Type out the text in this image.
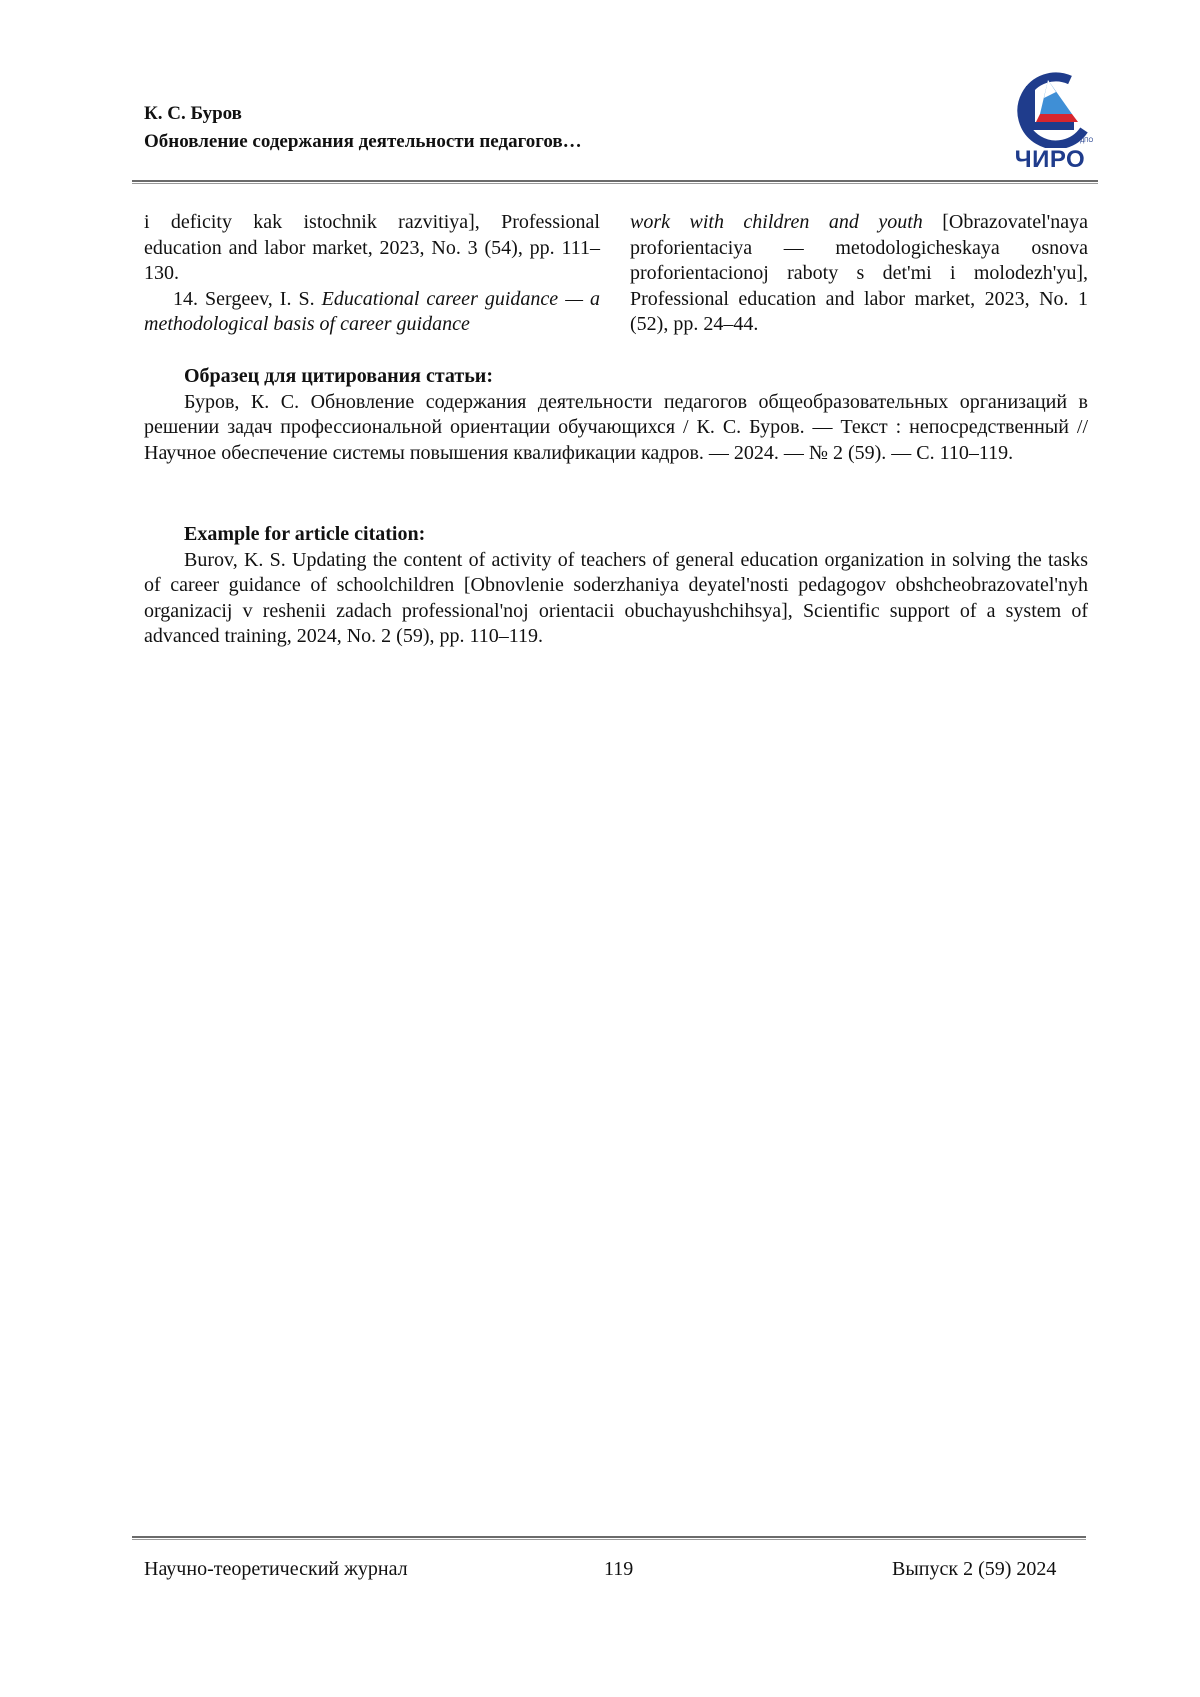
К. С. Буров
Обновление содержания деятельности педагогов…	ГАУ ДПО
ЧИРО

i deficity kak istochnik razvitiya], Professional education and labor market, 2023, No. 3 (54), pp. 111–130.

14. Sergeev, I. S. Educational career guidance — a methodological basis of career guidance

work with children and youth [Obrazovatel'naya proforientaciya — metodologicheskaya osnova proforientacionoj raboty s det'mi i molodezh'yu], Professional education and labor market, 2023, No. 1 (52), pp. 24–44.

Образец для цитирования статьи:

Буров, К. С. Обновление содержания деятельности педагогов общеобразовательных организаций в решении задач профессиональной ориентации обучающихся / К. С. Буров. — Текст : непосредственный // Научное обеспечение системы повышения квалификации кадров. — 2024. — № 2 (59). — С. 110–119.

Example for article citation:

Burov, K. S. Updating the content of activity of teachers of general education organization in solving the tasks of career guidance of schoolchildren [Obnovlenie soderzhaniya deyatel'nosti pedagogov obshcheobrazovatel'nyh organizacij v reshenii zadach professional'noj orientacii obuchayushchihsya], Scientific support of a system of advanced training, 2024, No. 2 (59), pp. 110–119.

Научно-теоретический журнал	119	Выпуск 2 (59) 2024
